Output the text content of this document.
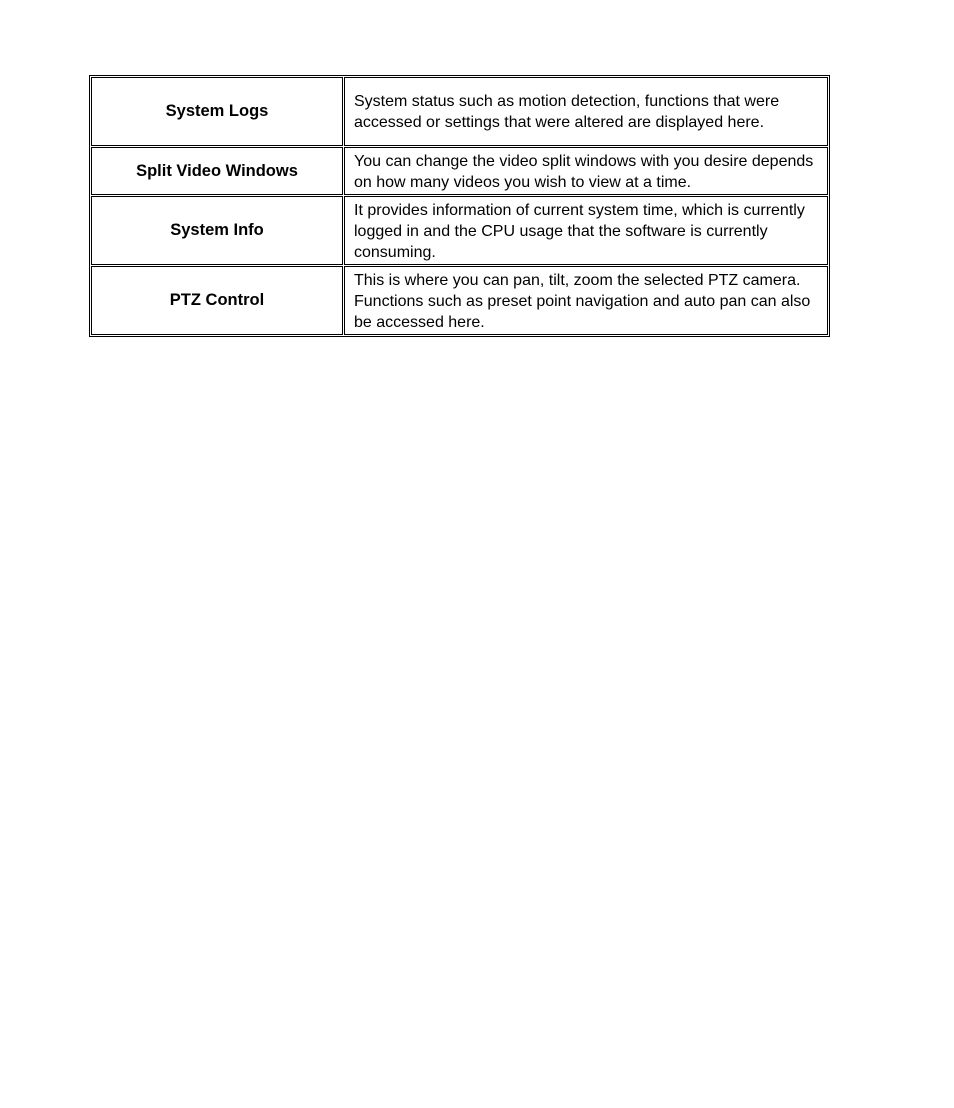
System Logs	System status such as motion detection, functions that were accessed or settings that were altered are displayed here.
Split Video Windows	You can change the video split windows with you desire depends on how many videos you wish to view at a time.
System Info	It provides information of current system time, which is currently logged in and the CPU usage that the software is currently consuming.
PTZ Control	This is where you can pan, tilt, zoom the selected PTZ camera. Functions such as preset point navigation and auto pan can also be accessed here.
